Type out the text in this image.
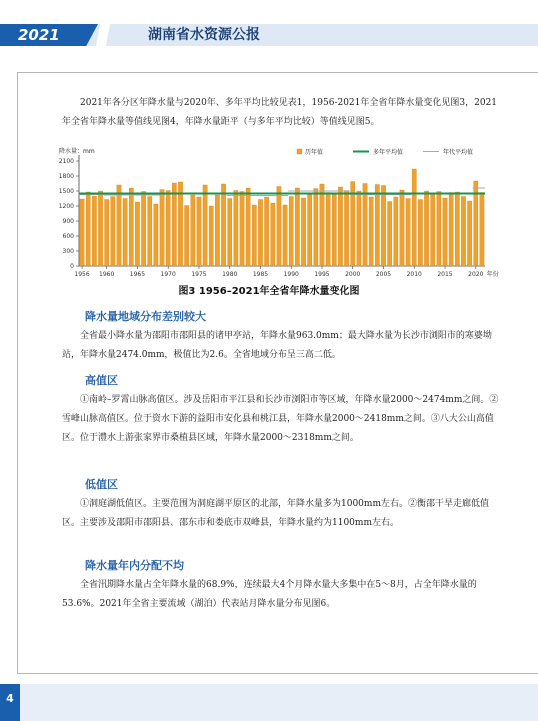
2021	湖南省水资源公报

2021年各分区年降水量与2020年、多年平均比较见表1，1956-2021年全省年降水量变化见图3，2021年全省年降水量等值线见图4，年降水量距平（与多年平均比较）等值线见图5。

降水量：mm
0
300
600
900
1200
1500
1800
2100
1956 1960	1965	1970	1975	1980	1985	1990	1995	2000	2005	2010	2015	2020 年份
历年值	多年平均值	年代平均值
图3 1956–2021年全省年降水量变化图
降水量地域分布差别较大

全省最小降水量为邵阳市邵阳县的诸甲亭站，年降水量963.0mm；最大降水量为长沙市浏阳市的寒婆坳站，年降水量2474.0mm，极值比为2.6。全省地域分布呈三高二低。

高值区

①南岭–罗霄山脉高值区。涉及岳阳市平江县和长沙市浏阳市等区域，年降水量2000～2474mm之间。②雪峰山脉高值区。位于资水下游的益阳市安化县和桃江县，年降水量2000～2418mm之间。③八大公山高值区。位于澧水上游张家界市桑植县区域，年降水量2000～2318mm之间。

低值区

①洞庭湖低值区。主要范围为洞庭湖平原区的北部，年降水量多为1000mm左右。②衡邵干旱走廊低值区。主要涉及邵阳市邵阳县、邵东市和娄底市双峰县，年降水量约为1100mm左右。

降水量年内分配不均

全省汛期降水量占全年降水量的68.9%，连续最大4个月降水量大多集中在5～8月，占全年降水量的53.6%。2021年全省主要流域（湖泊）代表站月降水量分布见图6。

4
